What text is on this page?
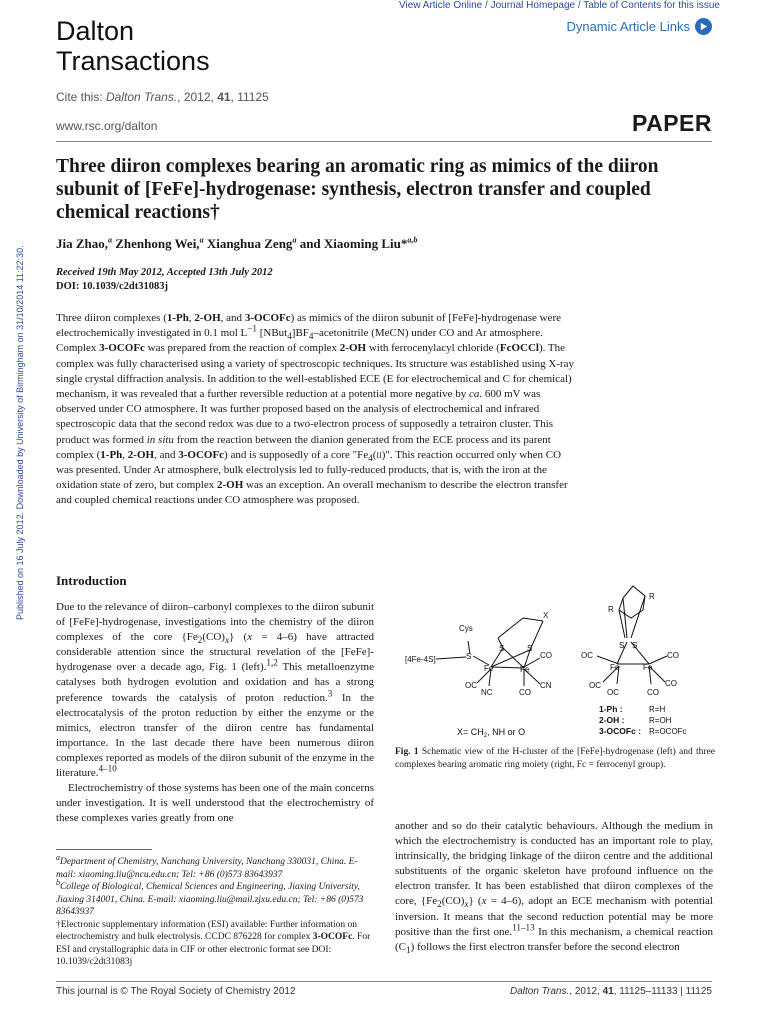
View Article Online / Journal Homepage / Table of Contents for this issue
Dalton
Transactions
Dynamic Article Links
Cite this: Dalton Trans., 2012, 41, 11125
www.rsc.org/dalton	PAPER
Published on 16 July 2012. Downloaded by University of Birmingham on 31/10/2014 11:22:30.
Three diiron complexes bearing an aromatic ring as mimics of the diiron subunit of [FeFe]-hydrogenase: synthesis, electron transfer and coupled chemical reactions†
Jia Zhao,$^a$ Zhenhong Wei,$^a$ Xianghua Zeng$^a$ and Xiaoming Liu*$^{a,b}$
Received 19th May 2012, Accepted 13th July 2012
DOI: 10.1039/c2dt31083j

Three diiron complexes (1-Ph, 2-OH, and 3-OCOFc) as mimics of the diiron subunit of [FeFe]-hydrogenase were electrochemically investigated in 0.1 mol $L^{-1}$ $[NBut_4]BF_4$–acetonitrile (MeCN) under CO and Ar atmosphere. Complex 3-OCOFc was prepared from the reaction of complex 2-OH with ferrocenylacyl chloride (FcOCCl). The complex was fully characterised using a variety of spectroscopic techniques. Its structure was established using X-ray single crystal diffraction analysis. In addition to the well-established ECE (E for electrochemical and C for chemical) mechanism, it was revealed that a further reversible reduction at a potential more negative by ca. 600 mV was observed under CO atmosphere. It was further proposed based on the analysis of electrochemical and infrared spectroscopic data that the second redox was due to a two-electron process of supposedly a tetrairon cluster. This product was formed in situ from the reaction between the dianion generated from the ECE process and its parent complex (1-Ph, 2-OH, and 3-OCOFc) and is supposedly of a core "$Fe_4(ii)$". This reaction occurred only when CO was presented. Under Ar atmosphere, bulk electrolysis led to fully-reduced products, that is, with the iron at the oxidation state of zero, but complex 2-OH was an exception. An overall mechanism to describe the electron transfer and coupled chemical reactions under CO atmosphere was proposed.

Introduction

Due to the relevance of diiron–carbonyl complexes to the diiron subunit of [FeFe]-hydrogenase, investigations into the chemistry of the diiron complexes of the core $\{Fe_2(CO)_x\} (x = 4-6)$ have attracted considerable attention since the structural revelation of the [FeFe]-hydrogenase over a decade ago, Fig. 1 (left).$^{1,2}$ This metalloenzyme catalyses both hydrogen evolution and oxidation and has a strong preference towards the catalysis of proton reduction.$^3$ In the electrocatalysis of the proton reduction by either the enzyme or the mimics, electron transfer of the diiron centre has fundamental importance. In the last decade there have been numerous diiron complexes reported as models of the diiron subunit of the enzyme in the literature.$^{4-10}$

Electrochemistry of those systems has been one of the main concerns under investigation. It is well understood that the electrochemistry of these complexes varies greatly from one

X
Cys
[4Fe-4S]	S
S	S
Fe	Fe
CO
OC	CN
NC	CO
$X= CH_2$, NH or O
R
R
S S
Fe	Fe
OC	CO
OC	CO
OC	CO
1-Ph :	R=H
2-OH :	R=OH
3-OCOFc : R=OCOFc
Fig. 1 Schematic view of the H-cluster of the [FeFe]-hydrogenase (left) and three complexes bearing aromatic ring moiety (right, Fc = ferrocenyl group).

another and so do their catalytic behaviours. Although the medium in which the electrochemistry is conducted has an important role to play, intrinsically, the bridging linkage of the diiron centre and the additional substituents of the organic skeleton have profound influence on the electron transfer. It has been established that diiron complexes of the core, $\{Fe_2(CO)_x\} (x = 4-6)$, adopt an ECE mechanism with potential inversion. It means that the second reduction potential may be more positive than the first one.$^{11-13}$ In this mechanism, a chemical reaction $(C_1)$ follows the first electron transfer before the second electron

$^a$Department of Chemistry, Nanchang University, Nanchang 330031, China. E-mail: xiaoming.liu@ncu.edu.cn; Tel: +86 (0)573 83643937

$^b$College of Biological, Chemical Sciences and Engineering, Jiaxing University, Jiaxing 314001, China. E-mail: xiaoming.liu@mail.zjxu.edu.cn; Tel: +86 (0)573 83643937

†Electronic supplementary information (ESI) available: Further information on electrochemistry and bulk electrolysis. CCDC 876228 for complex 3-OCOFc. For ESI and crystallographic data in CIF or other electronic format see DOI: 10.1039/c2dt31083j

This journal is © The Royal Society of Chemistry 2012	Dalton Trans., 2012, 41, 11125–11133 | 11125
